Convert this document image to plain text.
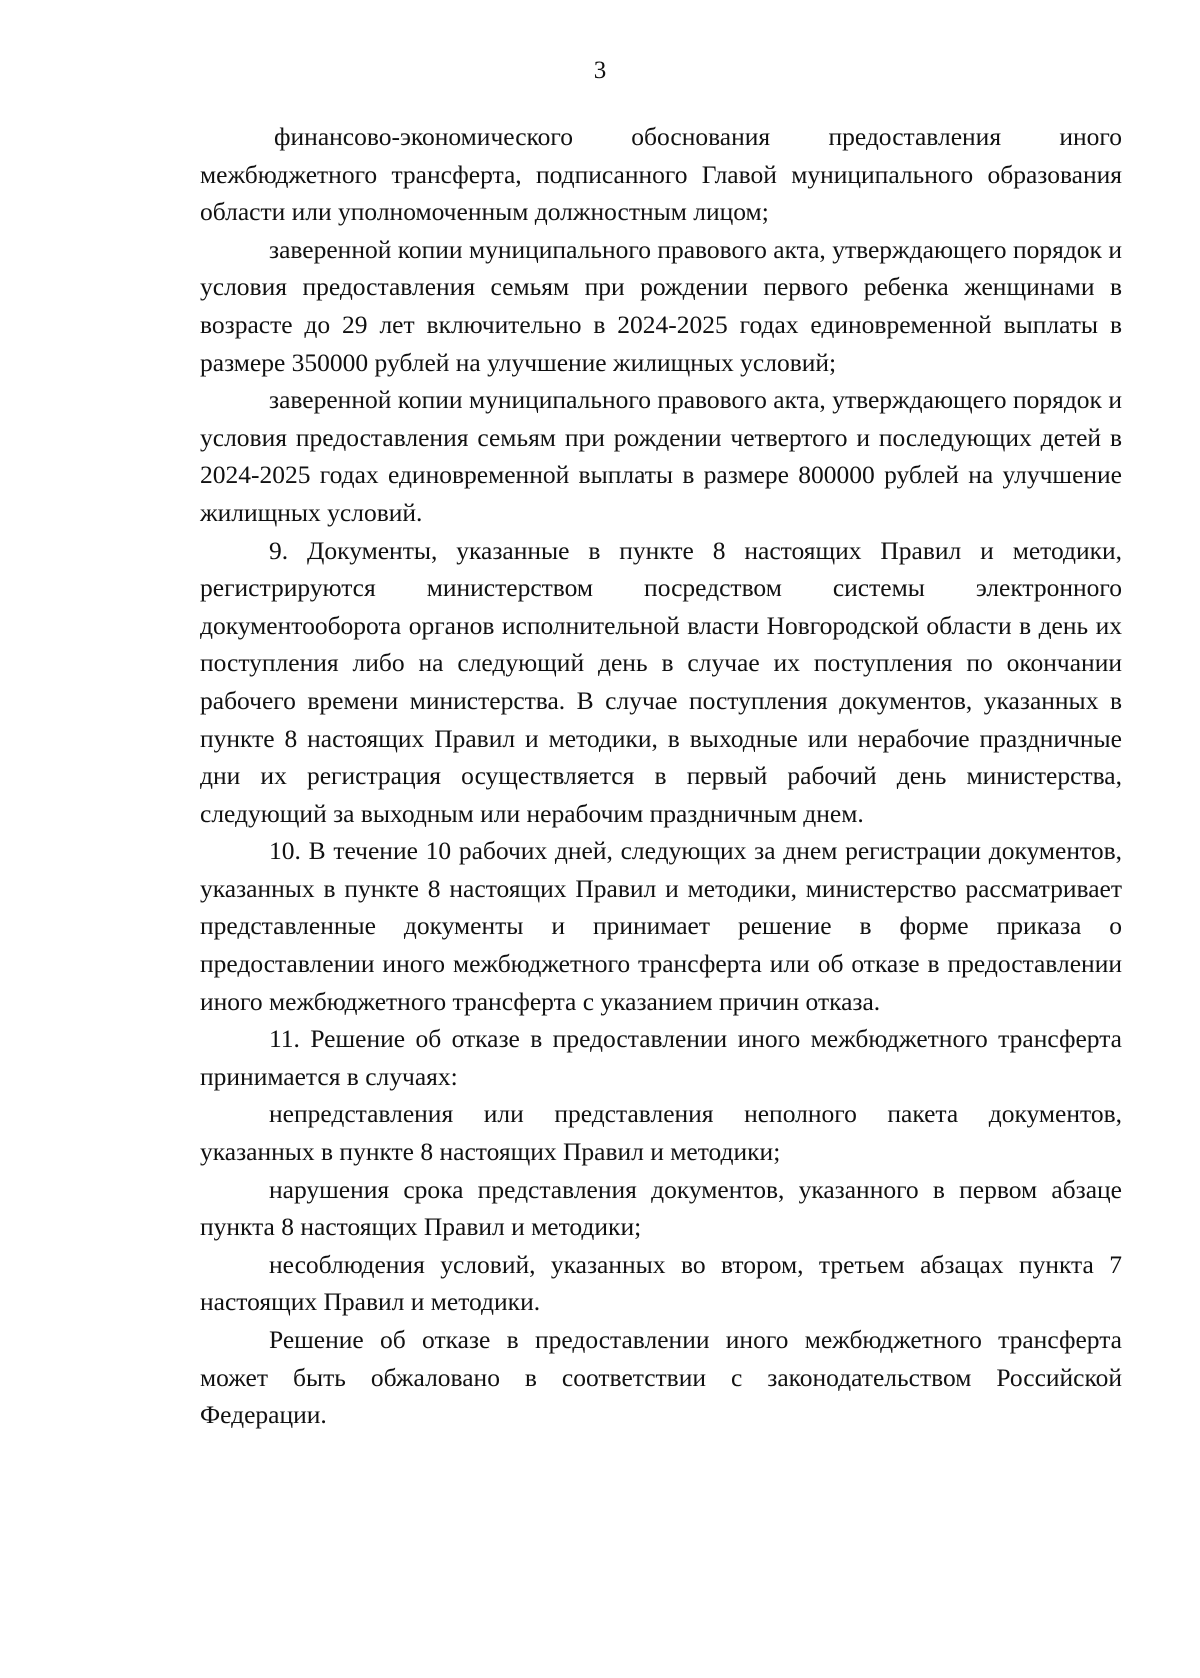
3

финансово-экономического обоснования предоставления иного межбюджетного трансферта, подписанного Главой муниципального образования области или уполномоченным должностным лицом;

заверенной копии муниципального правового акта, утверждающего порядок и условия предоставления семьям при рождении первого ребенка женщинами в возрасте до 29 лет включительно в 2024-2025 годах единовременной выплаты в размере 350000 рублей на улучшение жилищных условий;

заверенной копии муниципального правового акта, утверждающего порядок и условия предоставления семьям при рождении четвертого и последующих детей в 2024-2025 годах единовременной выплаты в размере 800000 рублей на улучшение жилищных условий.

9. Документы, указанные в пункте 8 настоящих Правил и методики, регистрируются министерством посредством системы электронного документооборота органов исполнительной власти Новгородской области в день их поступления либо на следующий день в случае их поступления по окончании рабочего времени министерства. В случае поступления документов, указанных в пункте 8 настоящих Правил и методики, в выходные или нерабочие праздничные дни их регистрация осуществляется в первый рабочий день министерства, следующий за выходным или нерабочим праздничным днем.

10. В течение 10 рабочих дней, следующих за днем регистрации документов, указанных в пункте 8 настоящих Правил и методики, министерство рассматривает представленные документы и принимает решение в форме приказа о предоставлении иного межбюджетного трансферта или об отказе в предоставлении иного межбюджетного трансферта с указанием причин отказа.

11. Решение об отказе в предоставлении иного межбюджетного трансферта принимается в случаях:

непредставления или представления неполного пакета документов, указанных в пункте 8 настоящих Правил и методики;

нарушения срока представления документов, указанного в первом абзаце пункта 8 настоящих Правил и методики;

несоблюдения условий, указанных во втором, третьем абзацах пункта 7 настоящих Правил и методики.

Решение об отказе в предоставлении иного межбюджетного трансферта может быть обжаловано в соответствии с законодательством Российской Федерации.
